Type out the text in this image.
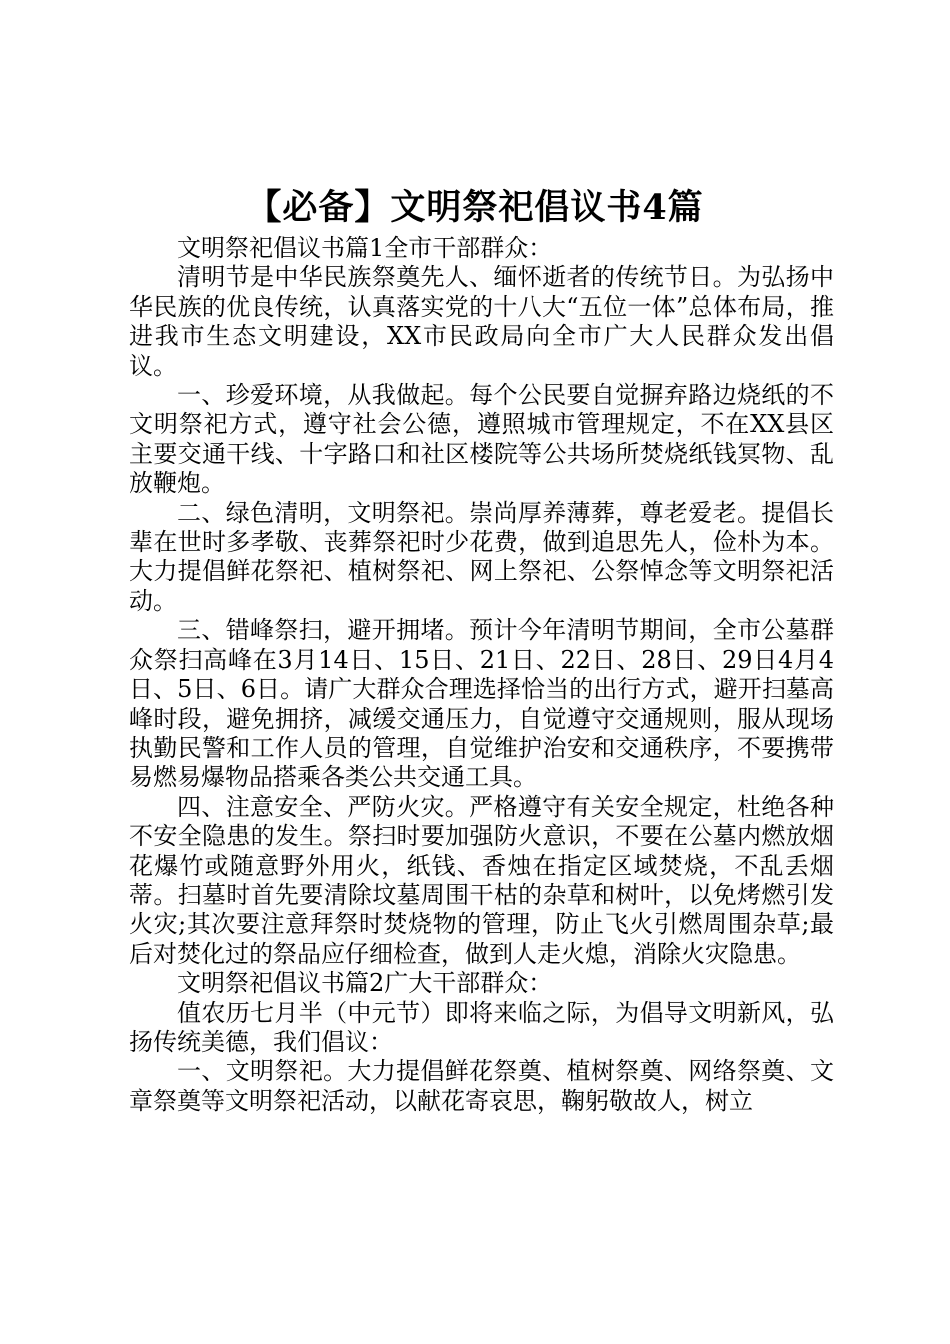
【必备】文明祭祀倡议书4篇

文明祭祀倡议书篇1全市干部群众：

清明节是中华民族祭奠先人、缅怀逝者的传统节日。为弘扬中华民族的优良传统，认真落实党的十八大“五位一体”总体布局，推进我市生态文明建设，XX市民政局向全市广大人民群众发出倡议。

一、珍爱环境，从我做起。每个公民要自觉摒弃路边烧纸的不文明祭祀方式，遵守社会公德，遵照城市管理规定，不在XX县区主要交通干线、十字路口和社区楼院等公共场所焚烧纸钱冥物、乱放鞭炮。

二、绿色清明，文明祭祀。崇尚厚养薄葬，尊老爱老。提倡长辈在世时多孝敬、丧葬祭祀时少花费，做到追思先人，俭朴为本。大力提倡鲜花祭祀、植树祭祀、网上祭祀、公祭悼念等文明祭祀活动。

三、错峰祭扫，避开拥堵。预计今年清明节期间，全市公墓群众祭扫高峰在3月14日、15日、21日、22日、28日、29日4月4日、5日、6日。请广大群众合理选择恰当的出行方式，避开扫墓高峰时段，避免拥挤，减缓交通压力，自觉遵守交通规则，服从现场执勤民警和工作人员的管理，自觉维护治安和交通秩序，不要携带易燃易爆物品搭乘各类公共交通工具。

四、注意安全、严防火灾。严格遵守有关安全规定，杜绝各种不安全隐患的发生。祭扫时要加强防火意识，不要在公墓内燃放烟花爆竹或随意野外用火，纸钱、香烛在指定区域焚烧，不乱丢烟蒂。扫墓时首先要清除坟墓周围干枯的杂草和树叶，以免烤燃引发火灾;其次要注意拜祭时焚烧物的管理，防止飞火引燃周围杂草;最后对焚化过的祭品应仔细检查，做到人走火熄，消除火灾隐患。

文明祭祀倡议书篇2广大干部群众：

值农历七月半（中元节）即将来临之际，为倡导文明新风，弘扬传统美德，我们倡议：

一、文明祭祀。大力提倡鲜花祭奠、植树祭奠、网络祭奠、文章祭奠等文明祭祀活动，以献花寄哀思，鞠躬敬故人，树立
